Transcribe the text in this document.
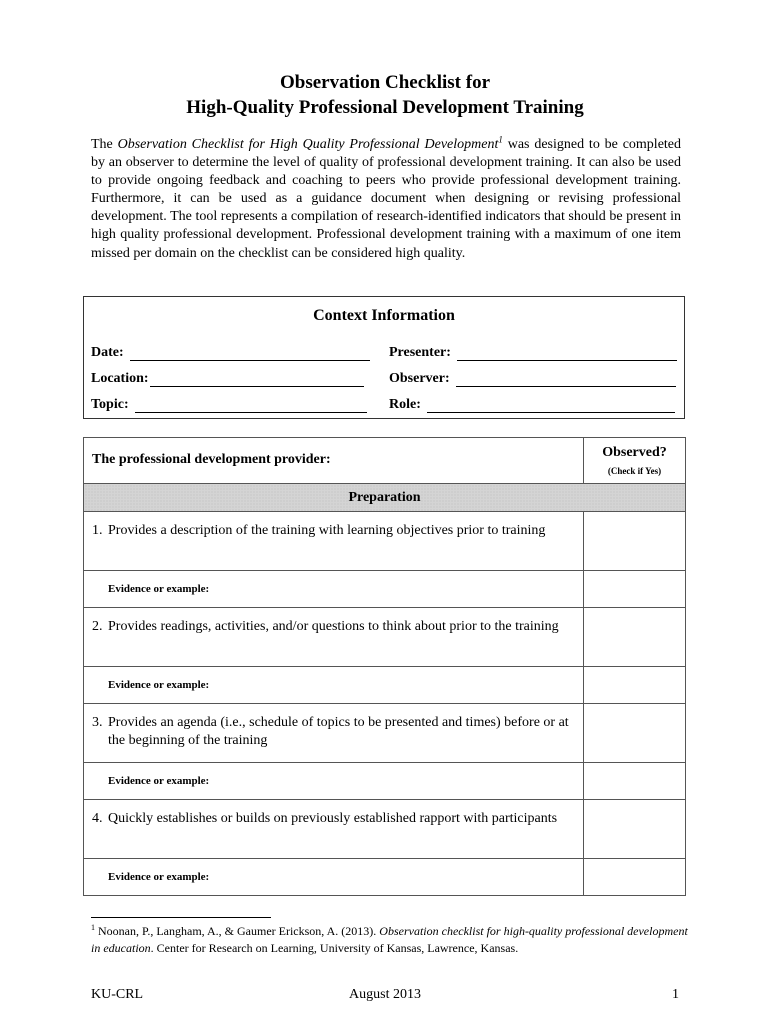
Observation Checklist for
High-Quality Professional Development Training
The Observation Checklist for High Quality Professional Development$^1$ was designed to be completed by an observer to determine the level of quality of professional development training. It can also be used to provide ongoing feedback and coaching to peers who provide professional development training. Furthermore, it can be used as a guidance document when designing or revising professional development. The tool represents a compilation of research-identified indicators that should be present in high quality professional development. Professional development training with a maximum of one item missed per domain on the checklist can be considered high quality.
Context Information
Date:	Presenter:
Location:	Observer:
Topic:	Role:
The professional development provider:	Observed?
(Check if Yes)

Preparation	

1. Provides a description of the training with learning objectives prior to training	

Evidence or example:	

2. Provides readings, activities, and/or questions to think about prior to the training	

Evidence or example:	

3. Provides an agenda (i.e., schedule of topics to be presented and times) before or at the beginning of the training	

Evidence or example:	

4. Quickly establishes or builds on previously established rapport with participants	

Evidence or example:	
$^1$ Noonan, P., Langham, A., & Gaumer Erickson, A. (2013). Observation checklist for high-quality professional development in education. Center for Research on Learning, University of Kansas, Lawrence, Kansas.
KU-CRL	August 2013	1
